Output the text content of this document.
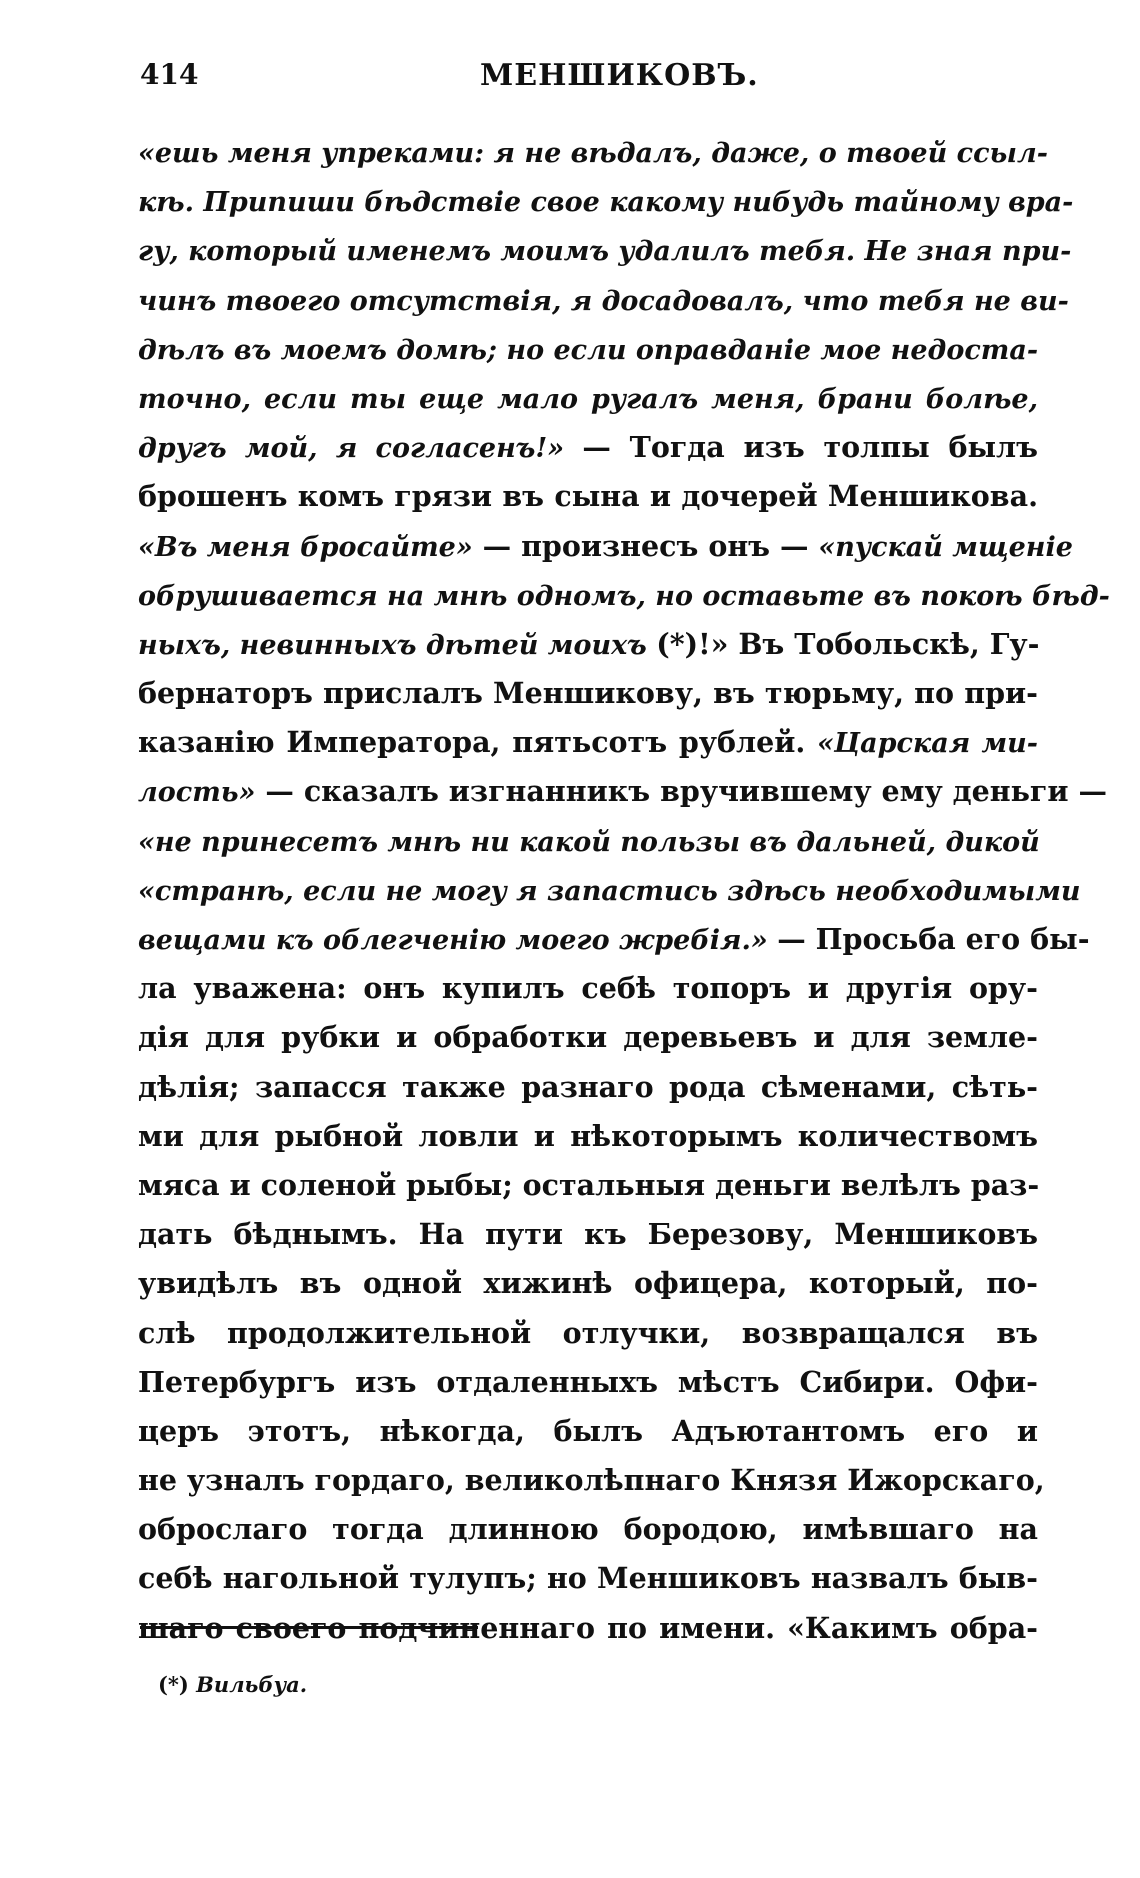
414	МЕНШИКОВЪ.
«ешь меня упреками: я не вѣдалъ, даже, о твоей ссыл-
кѣ. Припиши бѣдствіе свое какому нибудь тайному вра-
гу, который именемъ моимъ удалилъ тебя. Не зная при-
чинъ твоего отсутствія, я досадовалъ, что тебя не ви-
дѣлъ въ моемъ домѣ; но если оправданіе мое недоста-
точно, если ты еще мало ругалъ меня, брани болѣе,
другъ мой, я согласенъ!» — Тогда изъ толпы былъ
брошенъ комъ грязи въ сына и дочерей Меншикова.
«Въ меня бросайте» — произнесъ онъ — «пускай мщеніе
обрушивается на мнѣ одномъ, но оставьте въ покоѣ бѣд-
ныхъ, невинныхъ дѣтей моихъ (*)!» Въ Тобольскѣ, Гу-
бернаторъ прислалъ Меншикову, въ тюрьму, по при-
казанію Императора, пятьсотъ рублей. «Царская ми-
лость» — сказалъ изгнанникъ вручившему ему деньги —
«не принесетъ мнѣ ни какой пользы въ дальней, дикой
«странѣ, если не могу я запастись здѣсь необходимыми
вещами къ облегченію моего жребія.» — Просьба его бы-
ла уважена: онъ купилъ себѣ топоръ и другія ору-
дія для рубки и обработки деревьевъ и для земле-
дѣлія; запасся также разнаго рода сѣменами, сѣть-
ми для рыбной ловли и нѣкоторымъ количествомъ
мяса и соленой рыбы; остальныя деньги велѣлъ раз-
дать бѣднымъ. На пути къ Березову, Меншиковъ
увидѣлъ въ одной хижинѣ офицера, который, по-
слѣ продолжительной отлучки, возвращался въ
Петербургъ изъ отдаленныхъ мѣстъ Сибири. Офи-
церъ этотъ, нѣкогда, былъ Адъютантомъ его и
не узналъ гордаго, великолѣпнаго Князя Ижорскаго,
оброслаго тогда длинною бородою, имѣвшаго на
себѣ нагольной тулупъ; но Меншиковъ назвалъ быв-
шаго своего подчиненнаго по имени. «Какимъ обра-
(*) Вильбуа.
